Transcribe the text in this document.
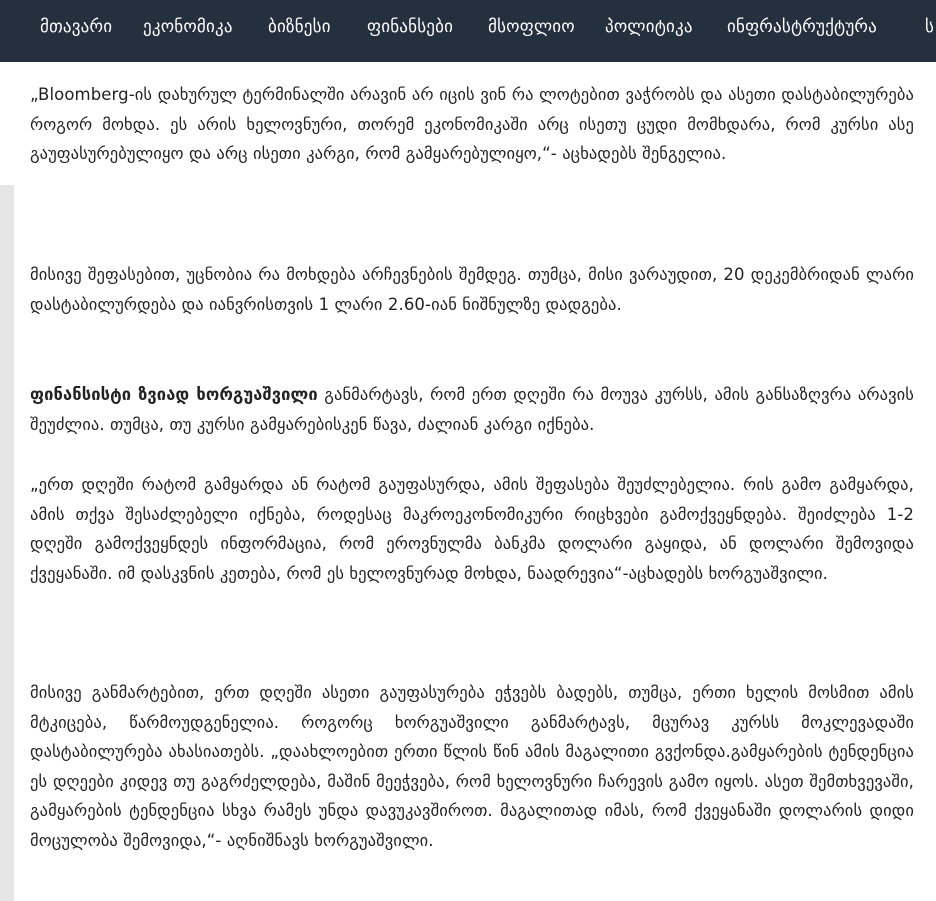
მთავარი ეკონომიკა ბიზნესი ფინანსები მსოფლიო პოლიტიკა ინფრასტრუქტურა	ს

„Bloomberg-ის დახურულ ტერმინალში არავინ არ იცის ვინ რა ლოტებით ვაჭრობს და ასეთი დასტაბილურება როგორ მოხდა. ეს არის ხელოვნური, თორემ ეკონომიკაში არც ისეთუ ცუდი მომხდარა, რომ კურსი ასე გაუფასურებულიყო და არც ისეთი კარგი, რომ გამყარებულიყო,“- აცხადებს შენგელია.

მისივე შეფასებით, უცნობია რა მოხდება არჩევნების შემდეგ. თუმცა, მისი ვარაუდით, 20 დეკემბრიდან ლარი დასტაბილურდება და იანვრისთვის 1 ლარი 2.60-იან ნიშნულზე დადგება.

ფინანსისტი ზვიად ხორგუაშვილი განმარტავს, რომ ერთ დღეში რა მოუვა კურსს, ამის განსაზღვრა არავის შეუძლია. თუმცა, თუ კურსი გამყარებისკენ წავა, ძალიან კარგი იქნება.

„ერთ დღეში რატომ გამყარდა ან რატომ გაუფასურდა, ამის შეფასება შეუძლებელია. რის გამო გამყარდა, ამის თქვა შესაძლებელი იქნება, როდესაც მაკროეკონომიკური რიცხვები გამოქვეყნდება. შეიძლება 1-2 დღეში გამოქვეყნდეს ინფორმაცია, რომ ეროვნულმა ბანკმა დოლარი გაყიდა, ან დოლარი შემოვიდა ქვეყანაში. იმ დასკვნის კეთება, რომ ეს ხელოვნურად მოხდა, ნაადრევია“-აცხადებს ხორგუაშვილი.

მისივე განმარტებით, ერთ დღეში ასეთი გაუფასურება ეჭვებს ბადებს, თუმცა, ერთი ხელის მოსმით ამის მტკიცება, წარმოუდგენელია. როგორც ხორგუაშვილი განმარტავს, მცურავ კურსს მოკლევადაში დასტაბილურება ახასიათებს. „დაახლოებით ერთი წლის წინ ამის მაგალითი გვქონდა.გამყარების ტენდენცია ეს დღეები კიდევ თუ გაგრძელდება, მაშინ მეეჭვება, რომ ხელოვნური ჩარევის გამო იყოს. ასეთ შემთხვევაში, გამყარების ტენდენცია სხვა რამეს უნდა დავუკავშიროთ. მაგალითად იმას, რომ ქვეყანაში დოლარის დიდი მოცულობა შემოვიდა,“- აღნიშნავს ხორგუაშვილი.
